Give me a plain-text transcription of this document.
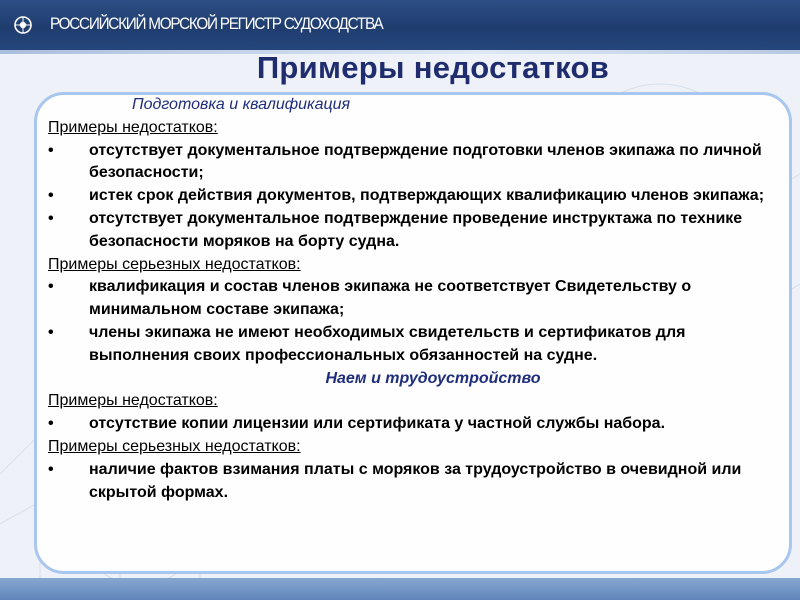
РОССИЙСКИЙ МОРСКОЙ РЕГИСТР СУДОХОДСТВА
Примеры недостатков
Подготовка и квалификация
Примеры недостатков:
• отсутствует документальное подтверждение подготовки членов экипажа по личной безопасности;
• истек срок действия документов, подтверждающих квалификацию членов экипажа;
• отсутствует документальное подтверждение проведение инструктажа по технике безопасности моряков на борту судна.
Примеры серьезных недостатков:
• квалификация и состав членов экипажа не соответствует Свидетельству о минимальном составе экипажа;
• члены экипажа не имеют необходимых свидетельств и сертификатов для выполнения своих профессиональных обязанностей на судне.
Наем и трудоустройство
Примеры недостатков:
• отсутствие копии лицензии или сертификата у частной службы набора.
Примеры серьезных недостатков:
• наличие фактов взимания платы с моряков за трудоустройство в очевидной или скрытой формах.
